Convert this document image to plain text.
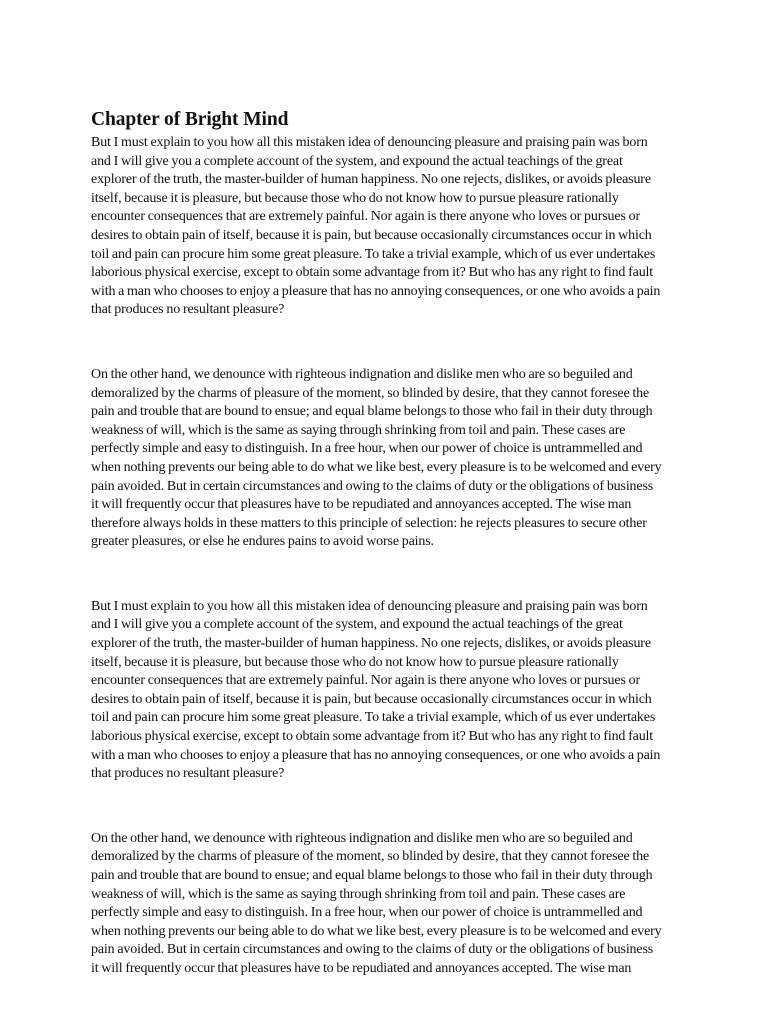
Chapter of Bright Mind

But I must explain to you how all this mistaken idea of denouncing pleasure and praising pain was born
and I will give you a complete account of the system, and expound the actual teachings of the great
explorer of the truth, the master-builder of human happiness. No one rejects, dislikes, or avoids pleasure
itself, because it is pleasure, but because those who do not know how to pursue pleasure rationally
encounter consequences that are extremely painful. Nor again is there anyone who loves or pursues or
desires to obtain pain of itself, because it is pain, but because occasionally circumstances occur in which
toil and pain can procure him some great pleasure. To take a trivial example, which of us ever undertakes
laborious physical exercise, except to obtain some advantage from it? But who has any right to find fault
with a man who chooses to enjoy a pleasure that has no annoying consequences, or one who avoids a pain
that produces no resultant pleasure?

On the other hand, we denounce with righteous indignation and dislike men who are so beguiled and
demoralized by the charms of pleasure of the moment, so blinded by desire, that they cannot foresee the
pain and trouble that are bound to ensue; and equal blame belongs to those who fail in their duty through
weakness of will, which is the same as saying through shrinking from toil and pain. These cases are
perfectly simple and easy to distinguish. In a free hour, when our power of choice is untrammelled and
when nothing prevents our being able to do what we like best, every pleasure is to be welcomed and every
pain avoided. But in certain circumstances and owing to the claims of duty or the obligations of business
it will frequently occur that pleasures have to be repudiated and annoyances accepted. The wise man
therefore always holds in these matters to this principle of selection: he rejects pleasures to secure other
greater pleasures, or else he endures pains to avoid worse pains.

But I must explain to you how all this mistaken idea of denouncing pleasure and praising pain was born
and I will give you a complete account of the system, and expound the actual teachings of the great
explorer of the truth, the master-builder of human happiness. No one rejects, dislikes, or avoids pleasure
itself, because it is pleasure, but because those who do not know how to pursue pleasure rationally
encounter consequences that are extremely painful. Nor again is there anyone who loves or pursues or
desires to obtain pain of itself, because it is pain, but because occasionally circumstances occur in which
toil and pain can procure him some great pleasure. To take a trivial example, which of us ever undertakes
laborious physical exercise, except to obtain some advantage from it? But who has any right to find fault
with a man who chooses to enjoy a pleasure that has no annoying consequences, or one who avoids a pain
that produces no resultant pleasure?

On the other hand, we denounce with righteous indignation and dislike men who are so beguiled and
demoralized by the charms of pleasure of the moment, so blinded by desire, that they cannot foresee the
pain and trouble that are bound to ensue; and equal blame belongs to those who fail in their duty through
weakness of will, which is the same as saying through shrinking from toil and pain. These cases are
perfectly simple and easy to distinguish. In a free hour, when our power of choice is untrammelled and
when nothing prevents our being able to do what we like best, every pleasure is to be welcomed and every
pain avoided. But in certain circumstances and owing to the claims of duty or the obligations of business
it will frequently occur that pleasures have to be repudiated and annoyances accepted. The wise man
